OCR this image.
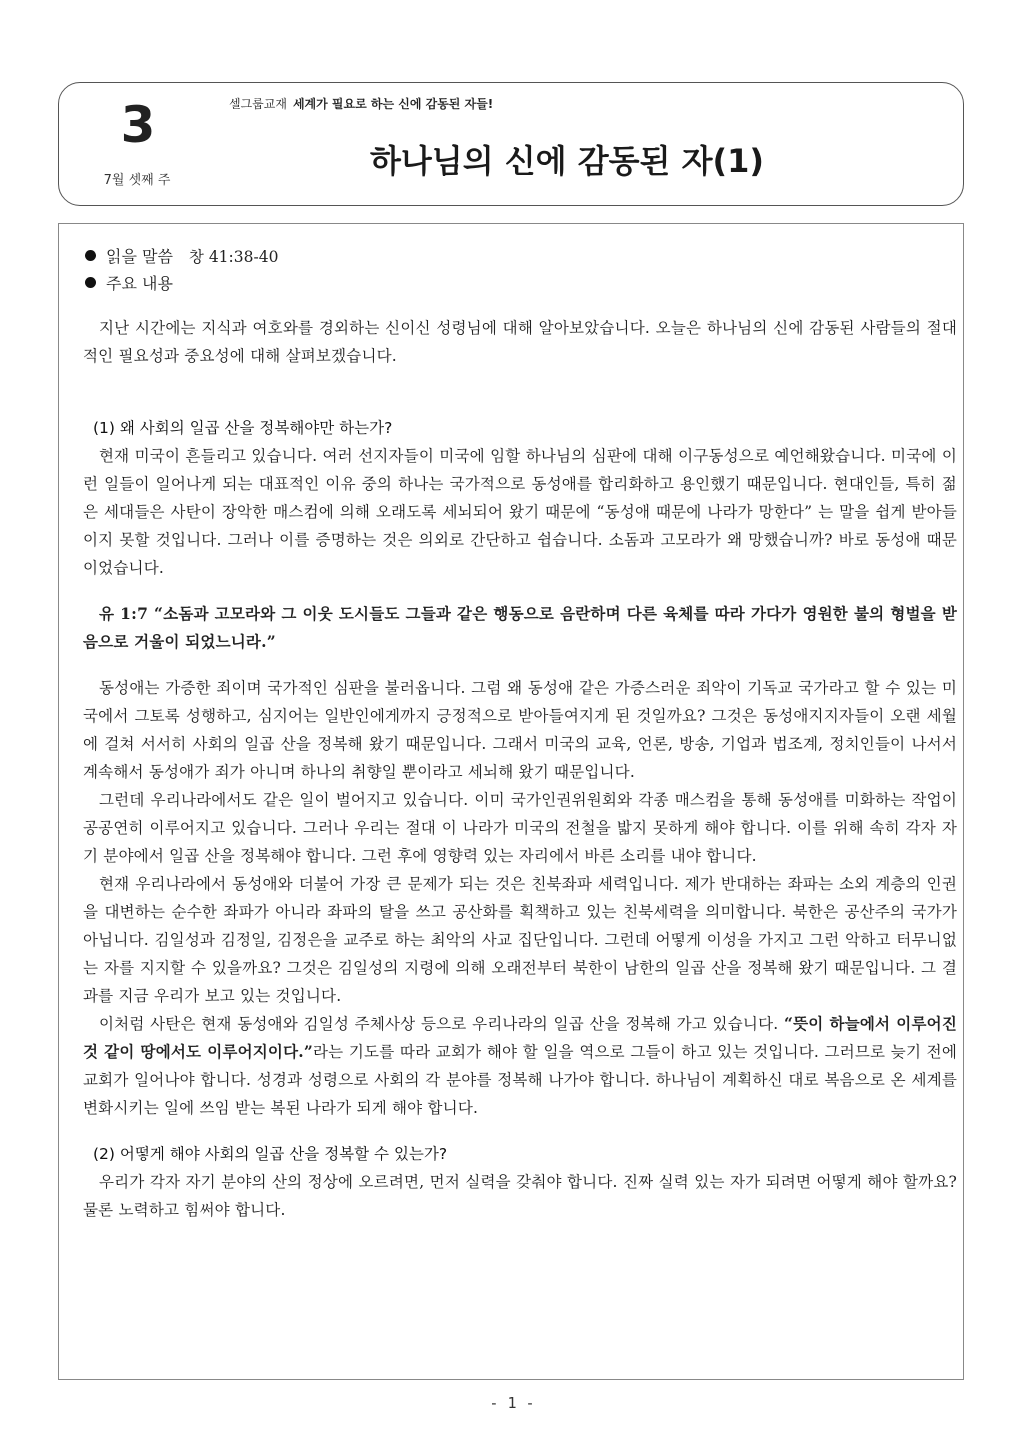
3
7월 셋째 주
셀그룹교재 세계가 필요로 하는 신에 감동된 자들!
하나님의 신에 감동된 자(1)
읽을 말씀 창 41:38-40
주요 내용

지난 시간에는 지식과 여호와를 경외하는 신이신 성령님에 대해 알아보았습니다. 오늘은 하나님의 신에 감동된 사람들의 절대적인 필요성과 중요성에 대해 살펴보겠습니다.

(1) 왜 사회의 일곱 산을 정복해야만 하는가?

현재 미국이 흔들리고 있습니다. 여러 선지자들이 미국에 임할 하나님의 심판에 대해 이구동성으로 예언해왔습니다. 미국에 이런 일들이 일어나게 되는 대표적인 이유 중의 하나는 국가적으로 동성애를 합리화하고 용인했기 때문입니다. 현대인들, 특히 젊은 세대들은 사탄이 장악한 매스컴에 의해 오래도록 세뇌되어 왔기 때문에 “동성애 때문에 나라가 망한다” 는 말을 쉽게 받아들이지 못할 것입니다. 그러나 이를 증명하는 것은 의외로 간단하고 쉽습니다. 소돔과 고모라가 왜 망했습니까? 바로 동성애 때문이었습니다.

유 1:7 “소돔과 고모라와 그 이웃 도시들도 그들과 같은 행동으로 음란하며 다른 육체를 따라 가다가 영원한 불의 형벌을 받음으로 거울이 되었느니라.”

동성애는 가증한 죄이며 국가적인 심판을 불러옵니다. 그럼 왜 동성애 같은 가증스러운 죄악이 기독교 국가라고 할 수 있는 미국에서 그토록 성행하고, 심지어는 일반인에게까지 긍정적으로 받아들여지게 된 것일까요? 그것은 동성애지지자들이 오랜 세월에 걸쳐 서서히 사회의 일곱 산을 정복해 왔기 때문입니다. 그래서 미국의 교육, 언론, 방송, 기업과 법조계, 정치인들이 나서서 계속해서 동성애가 죄가 아니며 하나의 취향일 뿐이라고 세뇌해 왔기 때문입니다.

그런데 우리나라에서도 같은 일이 벌어지고 있습니다. 이미 국가인권위원회와 각종 매스컴을 통해 동성애를 미화하는 작업이 공공연히 이루어지고 있습니다. 그러나 우리는 절대 이 나라가 미국의 전철을 밟지 못하게 해야 합니다. 이를 위해 속히 각자 자기 분야에서 일곱 산을 정복해야 합니다. 그런 후에 영향력 있는 자리에서 바른 소리를 내야 합니다.

현재 우리나라에서 동성애와 더불어 가장 큰 문제가 되는 것은 친북좌파 세력입니다. 제가 반대하는 좌파는 소외 계층의 인권을 대변하는 순수한 좌파가 아니라 좌파의 탈을 쓰고 공산화를 획책하고 있는 친북세력을 의미합니다. 북한은 공산주의 국가가 아닙니다. 김일성과 김정일, 김정은을 교주로 하는 최악의 사교 집단입니다. 그런데 어떻게 이성을 가지고 그런 악하고 터무니없는 자를 지지할 수 있을까요? 그것은 김일성의 지령에 의해 오래전부터 북한이 남한의 일곱 산을 정복해 왔기 때문입니다. 그 결과를 지금 우리가 보고 있는 것입니다.

이처럼 사탄은 현재 동성애와 김일성 주체사상 등으로 우리나라의 일곱 산을 정복해 가고 있습니다. “뜻이 하늘에서 이루어진 것 같이 땅에서도 이루어지이다.”라는 기도를 따라 교회가 해야 할 일을 역으로 그들이 하고 있는 것입니다. 그러므로 늦기 전에 교회가 일어나야 합니다. 성경과 성령으로 사회의 각 분야를 정복해 나가야 합니다. 하나님이 계획하신 대로 복음으로 온 세계를 변화시키는 일에 쓰임 받는 복된 나라가 되게 해야 합니다.

(2) 어떻게 해야 사회의 일곱 산을 정복할 수 있는가?

우리가 각자 자기 분야의 산의 정상에 오르려면, 먼저 실력을 갖춰야 합니다. 진짜 실력 있는 자가 되려면 어떻게 해야 할까요? 물론 노력하고 힘써야 합니다.

- 1 -
